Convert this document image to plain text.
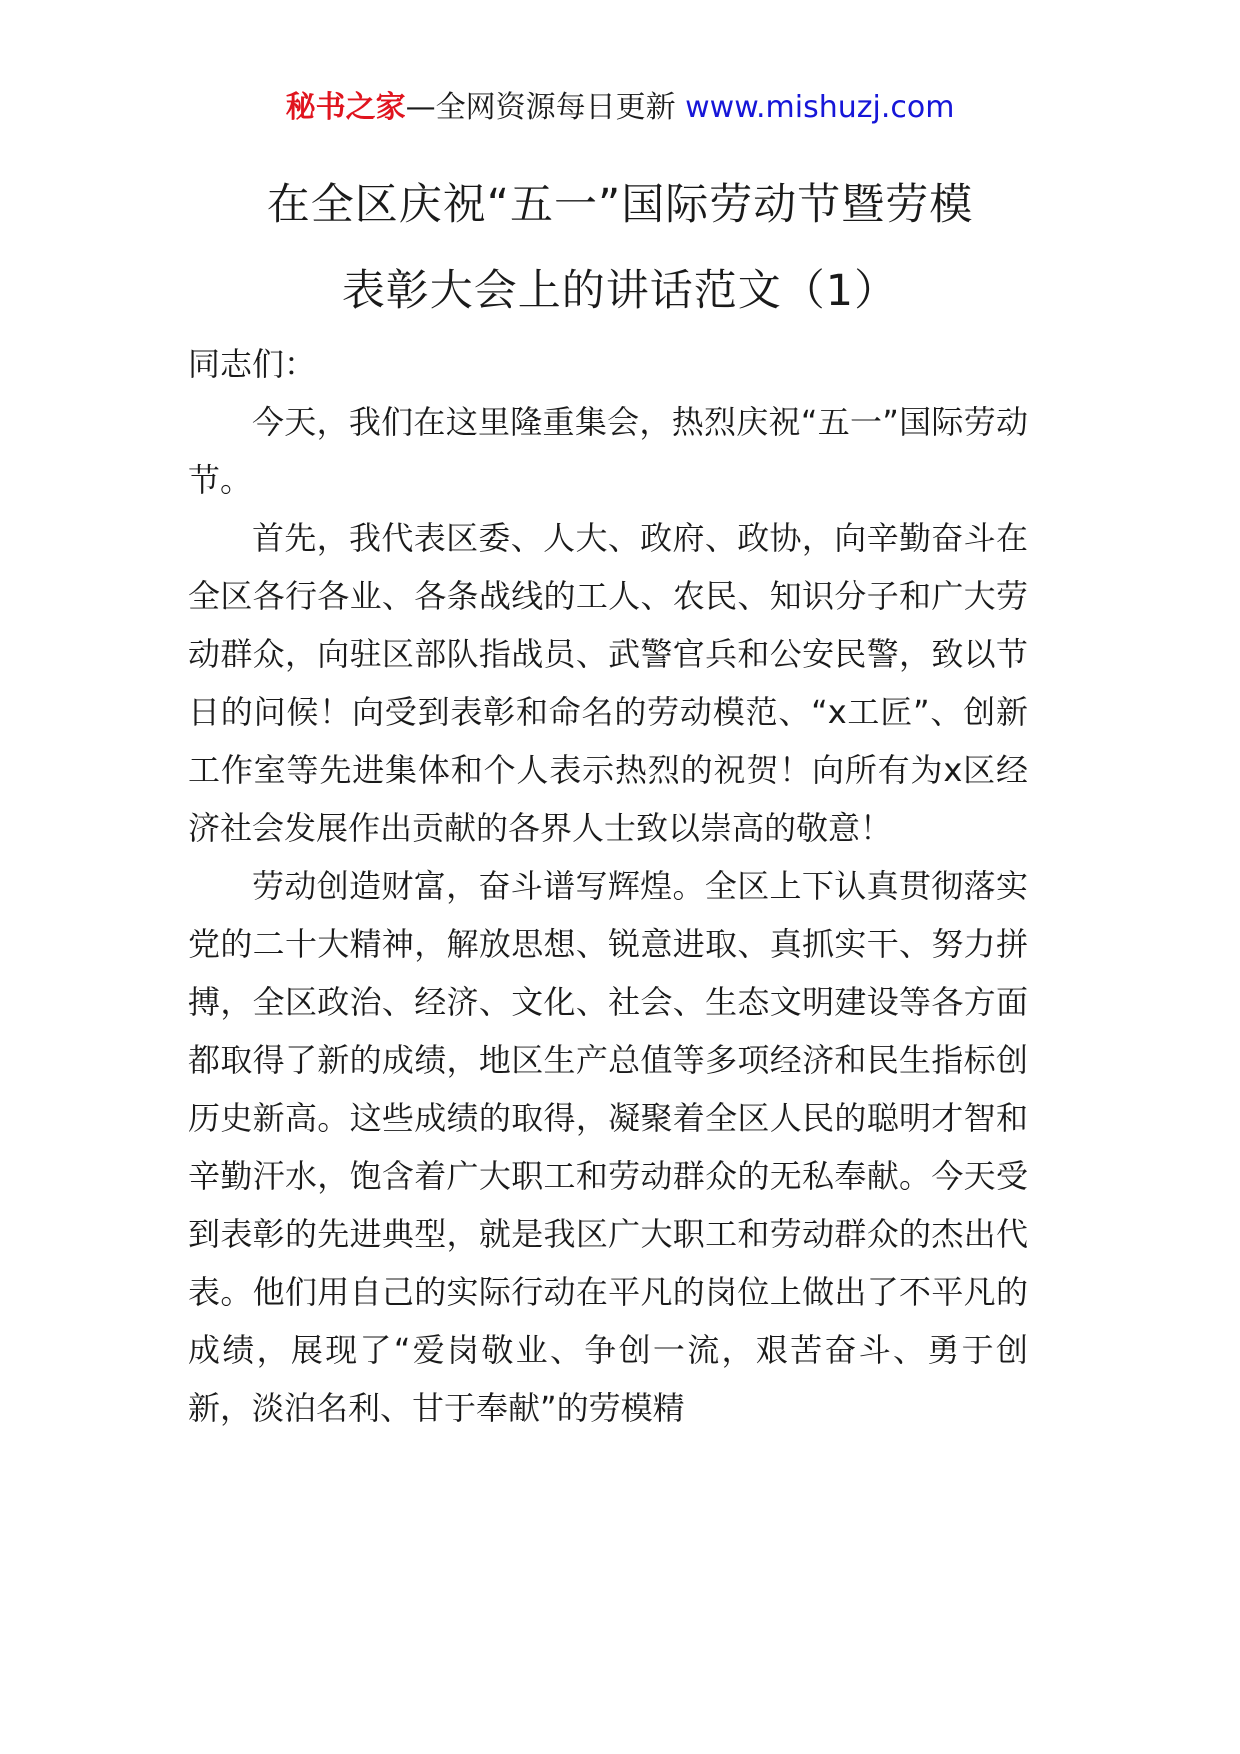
秘书之家—全网资源每日更新 www.mishuzj.com
在全区庆祝“五一”国际劳动节暨劳模
表彰大会上的讲话范文（1）

同志们：

今天，我们在这里隆重集会，热烈庆祝“五一”国际劳动节。

首先，我代表区委、人大、政府、政协，向辛勤奋斗在全区各行各业、各条战线的工人、农民、知识分子和广大劳动群众，向驻区部队指战员、武警官兵和公安民警，致以节日的问候！向受到表彰和命名的劳动模范、“x工匠”、创新工作室等先进集体和个人表示热烈的祝贺！向所有为x区经济社会发展作出贡献的各界人士致以崇高的敬意！

劳动创造财富，奋斗谱写辉煌。全区上下认真贯彻落实党的二十大精神，解放思想、锐意进取、真抓实干、努力拼搏，全区政治、经济、文化、社会、生态文明建设等各方面都取得了新的成绩，地区生产总值等多项经济和民生指标创历史新高。这些成绩的取得，凝聚着全区人民的聪明才智和辛勤汗水，饱含着广大职工和劳动群众的无私奉献。今天受到表彰的先进典型，就是我区广大职工和劳动群众的杰出代表。他们用自己的实际行动在平凡的岗位上做出了不平凡的成绩，展现了“爱岗敬业、争创一流，艰苦奋斗、勇于创新，淡泊名利、甘于奉献”的劳模精
